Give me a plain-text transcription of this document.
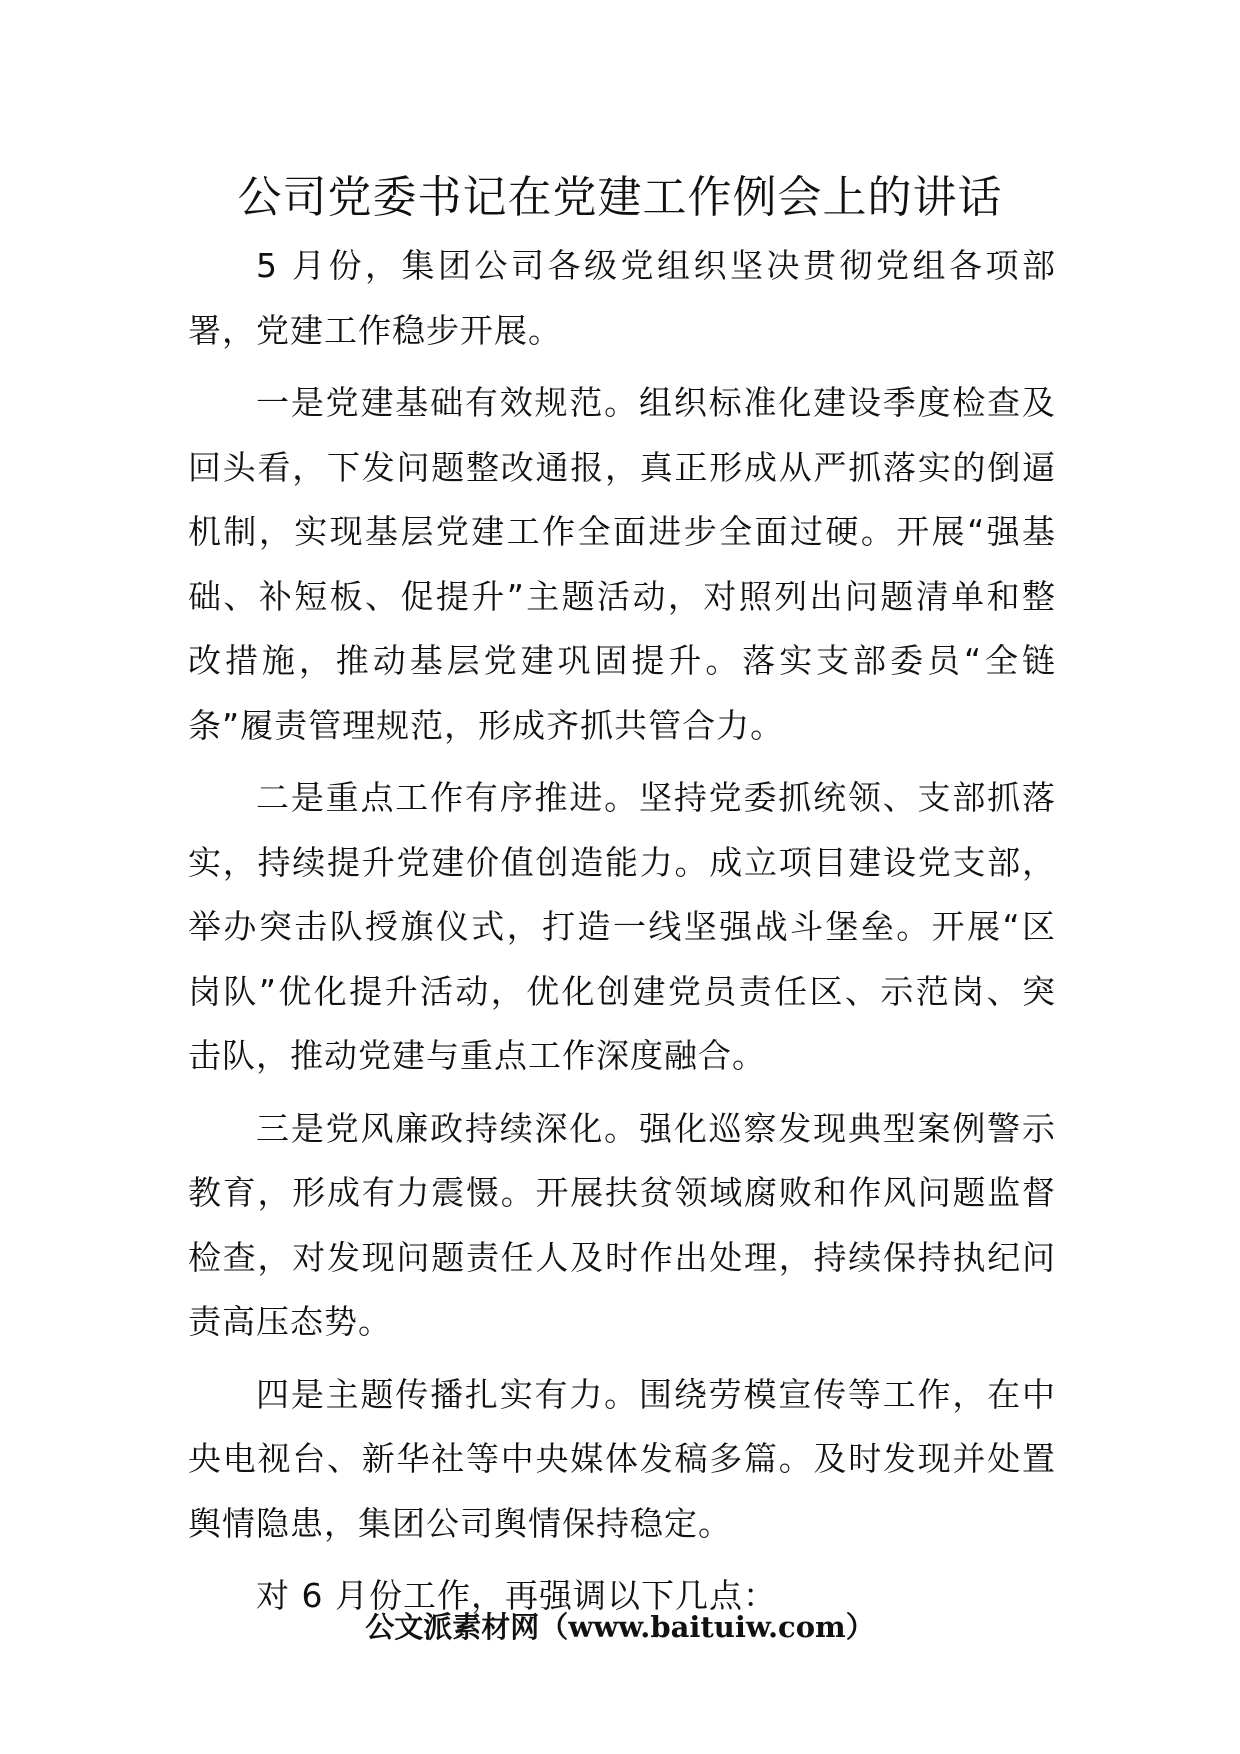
公司党委书记在党建工作例会上的讲话

5 月份，集团公司各级党组织坚决贯彻党组各项部署，党建工作稳步开展。

一是党建基础有效规范。组织标准化建设季度检查及回头看，下发问题整改通报，真正形成从严抓落实的倒逼机制，实现基层党建工作全面进步全面过硬。开展“强基础、补短板、促提升”主题活动，对照列出问题清单和整改措施，推动基层党建巩固提升。落实支部委员“全链条”履责管理规范，形成齐抓共管合力。

二是重点工作有序推进。坚持党委抓统领、支部抓落实，持续提升党建价值创造能力。成立项目建设党支部，举办突击队授旗仪式，打造一线坚强战斗堡垒。开展“区岗队”优化提升活动，优化创建党员责任区、示范岗、突击队，推动党建与重点工作深度融合。

三是党风廉政持续深化。强化巡察发现典型案例警示教育，形成有力震慑。开展扶贫领域腐败和作风问题监督检查，对发现问题责任人及时作出处理，持续保持执纪问责高压态势。

四是主题传播扎实有力。围绕劳模宣传等工作，在中央电视台、新华社等中央媒体发稿多篇。及时发现并处置舆情隐患，集团公司舆情保持稳定。

对 6 月份工作，再强调以下几点：

公文派素材网（www.baituiw.com）
